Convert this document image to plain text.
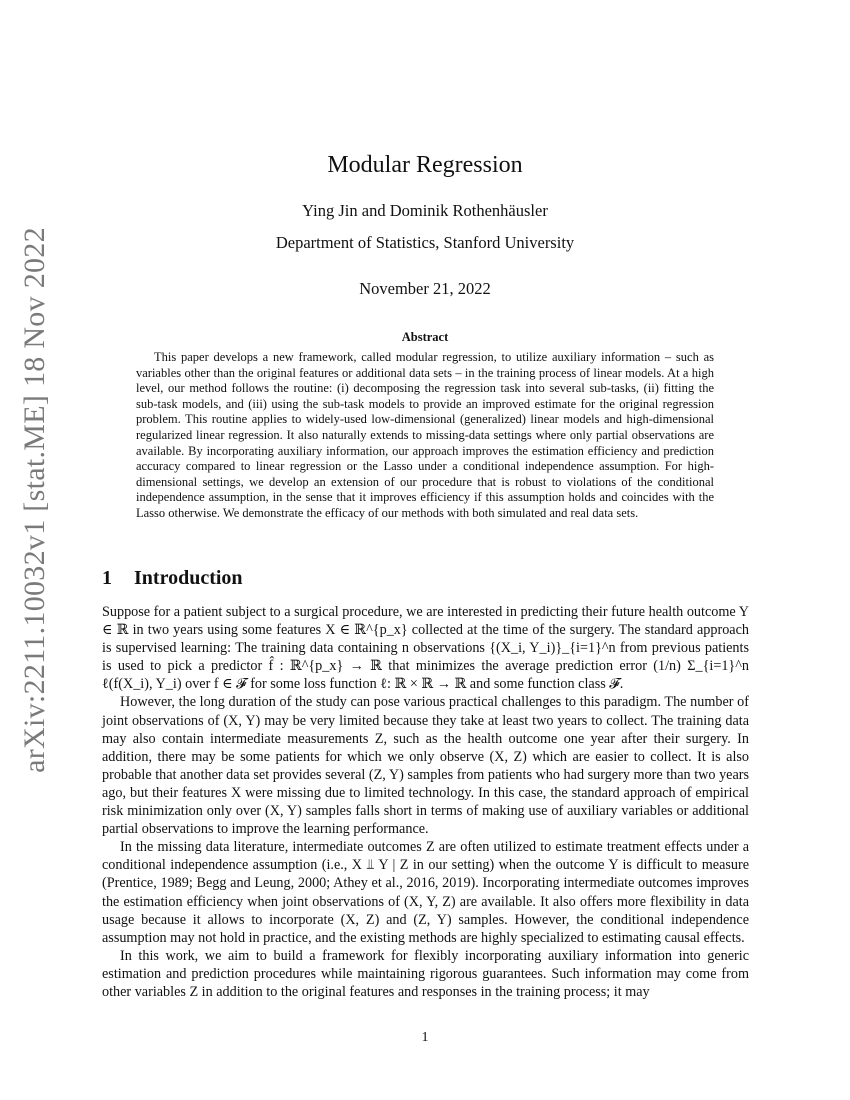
arXiv:2211.10032v1 [stat.ME] 18 Nov 2022
Modular Regression
Ying Jin and Dominik Rothenhäusler
Department of Statistics, Stanford University
November 21, 2022
Abstract

This paper develops a new framework, called modular regression, to utilize auxiliary information – such as variables other than the original features or additional data sets – in the training process of linear models. At a high level, our method follows the routine: (i) decomposing the regression task into several sub-tasks, (ii) fitting the sub-task models, and (iii) using the sub-task models to provide an improved estimate for the original regression problem. This routine applies to widely-used low-dimensional (generalized) linear models and high-dimensional regularized linear regression. It also naturally extends to missing-data settings where only partial observations are available. By incorporating auxiliary information, our approach improves the estimation efficiency and prediction accuracy compared to linear regression or the Lasso under a conditional independence assumption. For high-dimensional settings, we develop an extension of our procedure that is robust to violations of the conditional independence assumption, in the sense that it improves efficiency if this assumption holds and coincides with the Lasso otherwise. We demonstrate the efficacy of our methods with both simulated and real data sets.

1 Introduction

Suppose for a patient subject to a surgical procedure, we are interested in predicting their future health outcome Y ∈ ℝ in two years using some features X ∈ ℝ^{p_x} collected at the time of the surgery. The standard approach is supervised learning: The training data containing n observations {(X_i, Y_i)}_{i=1}^n from previous patients is used to pick a predictor f̂ : ℝ^{p_x} → ℝ that minimizes the average prediction error (1/n) Σ_{i=1}^n ℓ(f(X_i), Y_i) over f ∈ 𝓕 for some loss function ℓ: ℝ × ℝ → ℝ and some function class 𝓕.

However, the long duration of the study can pose various practical challenges to this paradigm. The number of joint observations of (X, Y) may be very limited because they take at least two years to collect. The training data may also contain intermediate measurements Z, such as the health outcome one year after their surgery. In addition, there may be some patients for which we only observe (X, Z) which are easier to collect. It is also probable that another data set provides several (Z, Y) samples from patients who had surgery more than two years ago, but their features X were missing due to limited technology. In this case, the standard approach of empirical risk minimization only over (X, Y) samples falls short in terms of making use of auxiliary variables or additional partial observations to improve the learning performance.

In the missing data literature, intermediate outcomes Z are often utilized to estimate treatment effects under a conditional independence assumption (i.e., X ⫫ Y | Z in our setting) when the outcome Y is difficult to measure (Prentice, 1989; Begg and Leung, 2000; Athey et al., 2016, 2019). Incorporating intermediate outcomes improves the estimation efficiency when joint observations of (X, Y, Z) are available. It also offers more flexibility in data usage because it allows to incorporate (X, Z) and (Z, Y) samples. However, the conditional independence assumption may not hold in practice, and the existing methods are highly specialized to estimating causal effects.

In this work, we aim to build a framework for flexibly incorporating auxiliary information into generic estimation and prediction procedures while maintaining rigorous guarantees. Such information may come from other variables Z in addition to the original features and responses in the training process; it may

1
